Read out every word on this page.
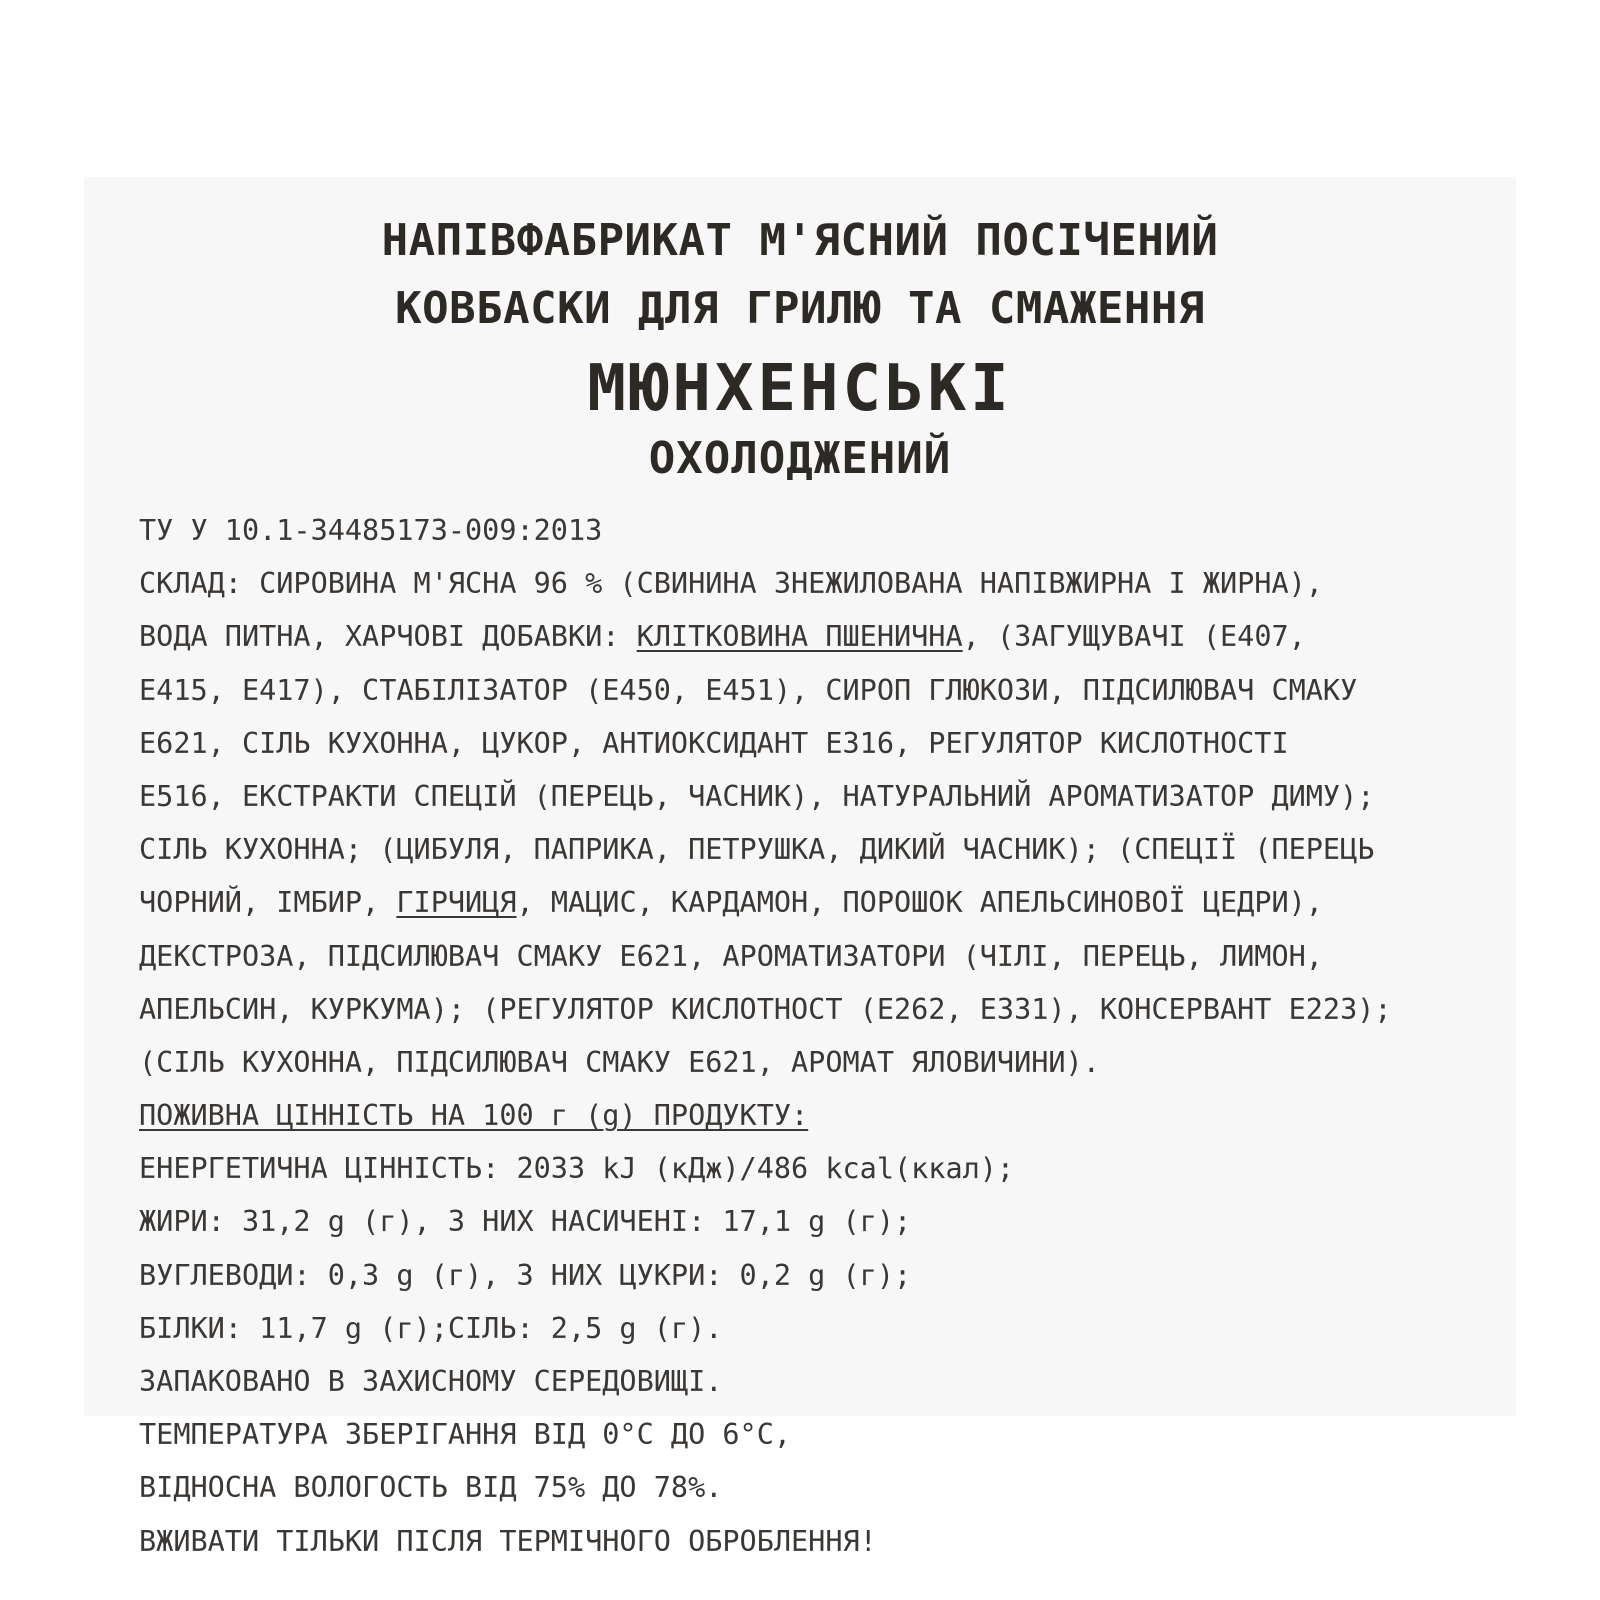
НАПІВФАБРИКАТ М'ЯСНИЙ ПОСІЧЕНИЙ
КОВБАСКИ ДЛЯ ГРИЛЮ ТА СМАЖЕННЯ
МЮНХЕНСЬКІ
ОХОЛОДЖЕНИЙ
ТУ У 10.1-34485173-009:2013
СКЛАД: СИРОВИНА М'ЯСНА 96 % (СВИНИНА ЗНЕЖИЛОВАНА НАПІВЖИРНА І ЖИРНА),
ВОДА ПИТНА, ХАРЧОВІ ДОБАВКИ: КЛІТКОВИНА ПШЕНИЧНА, (ЗАГУЩУВАЧІ (Е407,
Е415, Е417), СТАБІЛІЗАТОР (Е450, Е451), СИРОП ГЛЮКОЗИ, ПІДСИЛЮВАЧ СМАКУ
Е621, СІЛЬ КУХОННА, ЦУКОР, АНТИОКСИДАНТ Е316, РЕГУЛЯТОР КИСЛОТНОСТІ
Е516, ЕКСТРАКТИ СПЕЦІЙ (ПЕРЕЦЬ, ЧАСНИК), НАТУРАЛЬНИЙ АРОМАТИЗАТОР ДИМУ);
СІЛЬ КУХОННА; (ЦИБУЛЯ, ПАПРИКА, ПЕТРУШКА, ДИКИЙ ЧАСНИК); (СПЕЦІЇ (ПЕРЕЦЬ
ЧОРНИЙ, ІМБИР, ГІРЧИЦЯ, МАЦИС, КАРДАМОН, ПОРОШОК АПЕЛЬСИНОВОЇ ЦЕДРИ),
ДЕКСТРОЗА, ПІДСИЛЮВАЧ СМАКУ Е621, АРОМАТИЗАТОРИ (ЧІЛІ, ПЕРЕЦЬ, ЛИМОН,
АПЕЛЬСИН, КУРКУМА); (РЕГУЛЯТОР КИСЛОТНОСТ (Е262, Е331), КОНСЕРВАНТ Е223);
(СІЛЬ КУХОННА, ПІДСИЛЮВАЧ СМАКУ Е621, АРОМАТ ЯЛОВИЧИНИ).
ПОЖИВНА ЦІННІСТЬ НА 100 г (g) ПРОДУКТУ:
ЕНЕРГЕТИЧНА ЦІННІСТЬ: 2033 kJ (кДж)/486 kcal(ккал);
ЖИРИ: 31,2 g (г), З НИХ НАСИЧЕНІ: 17,1 g (г);
ВУГЛЕВОДИ: 0,3 g (г), З НИХ ЦУКРИ: 0,2 g (г);
БІЛКИ: 11,7 g (г);СІЛЬ: 2,5 g (г).
ЗАПАКОВАНО В ЗАХИСНОМУ СЕРЕДОВИЩІ.
ТЕМПЕРАТУРА ЗБЕРІГАННЯ ВІД 0°С ДО 6°С,
ВІДНОСНА ВОЛОГОСТЬ ВІД 75% ДО 78%.
ВЖИВАТИ ТІЛЬКИ ПІСЛЯ ТЕРМІЧНОГО ОБРОБЛЕННЯ!
